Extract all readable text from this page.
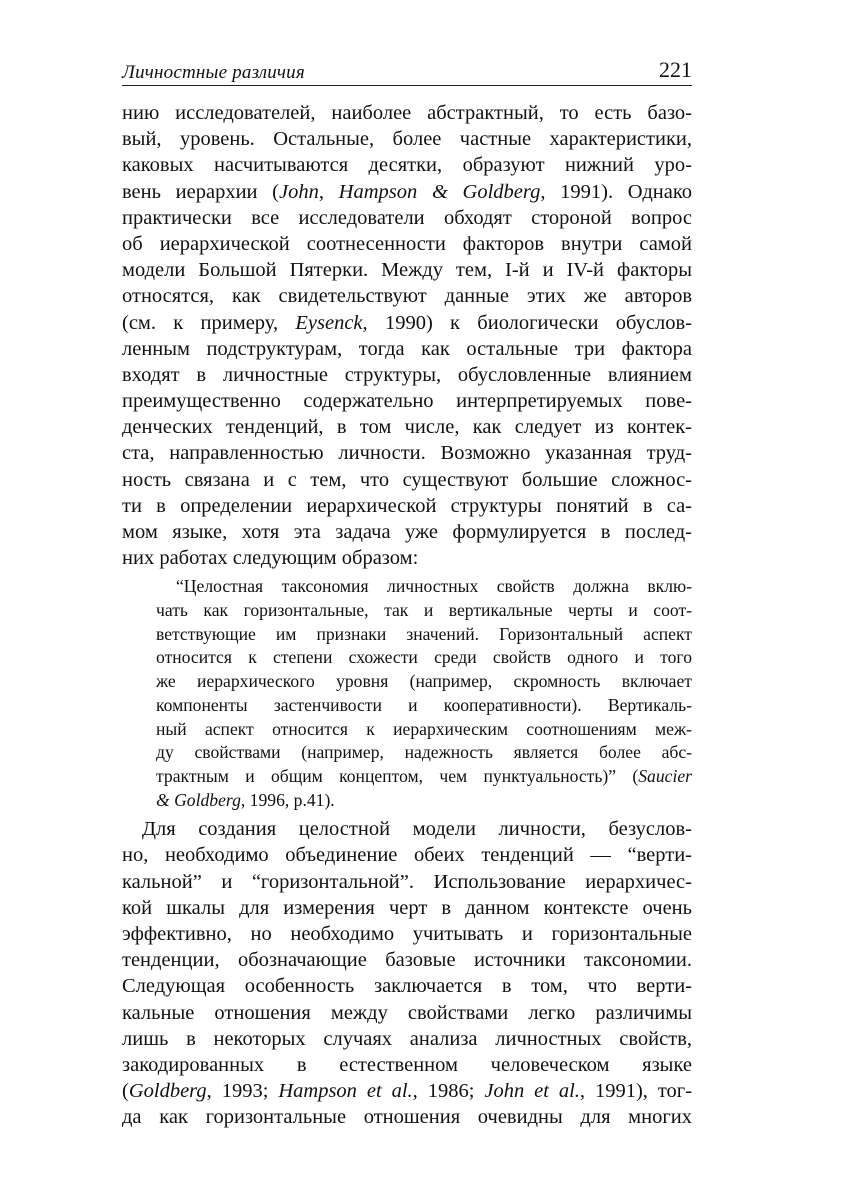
Личностные различия	221
нию исследователей, наиболее абстрактный, то есть базо-
вый, уровень. Остальные, более частные характеристики,
каковых насчитываются десятки, образуют нижний уро-
вень иерархии (John, Hampson & Goldberg, 1991). Однако
практически все исследователи обходят стороной вопрос
об иерархической соотнесенности факторов внутри самой
модели Большой Пятерки. Между тем, I-й и IV-й факторы
относятся, как свидетельствуют данные этих же авторов
(см. к примеру, Eysenck, 1990) к биологически обуслов-
ленным подструктурам, тогда как остальные три фактора
входят в личностные структуры, обусловленные влиянием
преимущественно содержательно интерпретируемых пове-
денческих тенденций, в том числе, как следует из контек-
ста, направленностью личности. Возможно указанная труд-
ность связана и с тем, что существуют большие сложнос-
ти в определении иерархической структуры понятий в са-
мом языке, хотя эта задача уже формулируется в послед-
них работах следующим образом:
“Целостная таксономия личностных свойств должна вклю-
чать как горизонтальные, так и вертикальные черты и соот-
ветствующие им признаки значений. Горизонтальный аспект
относится к степени схожести среди свойств одного и того
же иерархического уровня (например, скромность включает
компоненты застенчивости и кооперативности). Вертикаль-
ный аспект относится к иерархическим соотношениям меж-
ду свойствами (например, надежность является более абс-
трактным и общим концептом, чем пунктуальность)” (Saucier
& Goldberg, 1996, p.41).
Для создания целостной модели личности, безуслов-
но, необходимо объединение обеих тенденций — “верти-
кальной” и “горизонтальной”. Использование иерархичес-
кой шкалы для измерения черт в данном контексте очень
эффективно, но необходимо учитывать и горизонтальные
тенденции, обозначающие базовые источники таксономии.
Следующая особенность заключается в том, что верти-
кальные отношения между свойствами легко различимы
лишь в некоторых случаях анализа личностных свойств,
закодированных в естественном человеческом языке
(Goldberg, 1993; Hampson et al., 1986; John et al., 1991), тог-
да как горизонтальные отношения очевидны для многих
